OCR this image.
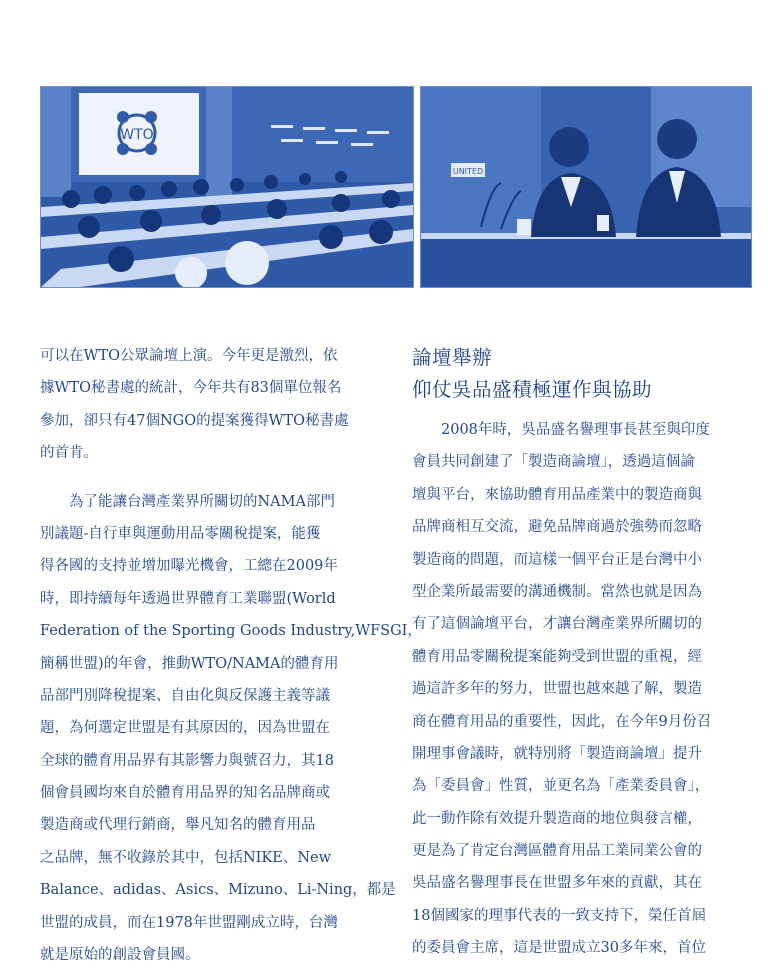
WTO
UNITED
可以在WTO公眾論壇上演。今年更是激烈，依
據WTO秘書處的統計，今年共有83個單位報名
參加，卻只有47個NGO的提案獲得WTO秘書處
的首肯。
　　為了能讓台灣產業界所關切的NAMA部門
別議題-自行車與運動用品零關稅提案，能獲
得各國的支持並增加曝光機會，工總在2009年
時，即持續每年透過世界體育工業聯盟(World
Federation of the Sporting Goods Industry,WFSGI，
簡稱世盟)的年會，推動WTO/NAMA的體育用
品部門別降稅提案、自由化與反保護主義等議
題，為何選定世盟是有其原因的，因為世盟在
全球的體育用品界有其影響力與號召力，其18
個會員國均來自於體育用品界的知名品牌商或
製造商或代理行銷商，舉凡知名的體育用品
之品牌，無不收錄於其中，包括NIKE、New
Balance、adidas、Asics、Mizuno、Li-Ning，都是
世盟的成員，而在1978年世盟剛成立時，台灣
就是原始的創設會員國。
論壇舉辦
仰仗吳品盛積極運作與協助
　　2008年時，吳品盛名譽理事長甚至與印度
會員共同創建了「製造商論壇」，透過這個論
壇與平台，來協助體育用品產業中的製造商與
品牌商相互交流，避免品牌商過於強勢而忽略
製造商的問題，而這樣一個平台正是台灣中小
型企業所最需要的溝通機制。當然也就是因為
有了這個論壇平台，才讓台灣產業界所關切的
體育用品零關稅提案能夠受到世盟的重視，經
過這許多年的努力，世盟也越來越了解，製造
商在體育用品的重要性，因此，在今年9月份召
開理事會議時，就特別將「製造商論壇」提升
為「委員會」性質，並更名為「產業委員會」，
此一動作除有效提升製造商的地位與發言權，
更是為了肯定台灣區體育用品工業同業公會的
吳品盛名譽理事長在世盟多年來的貢獻，其在
18個國家的理事代表的一致支持下，榮任首屆
的委員會主席，這是世盟成立30多年來，首位
